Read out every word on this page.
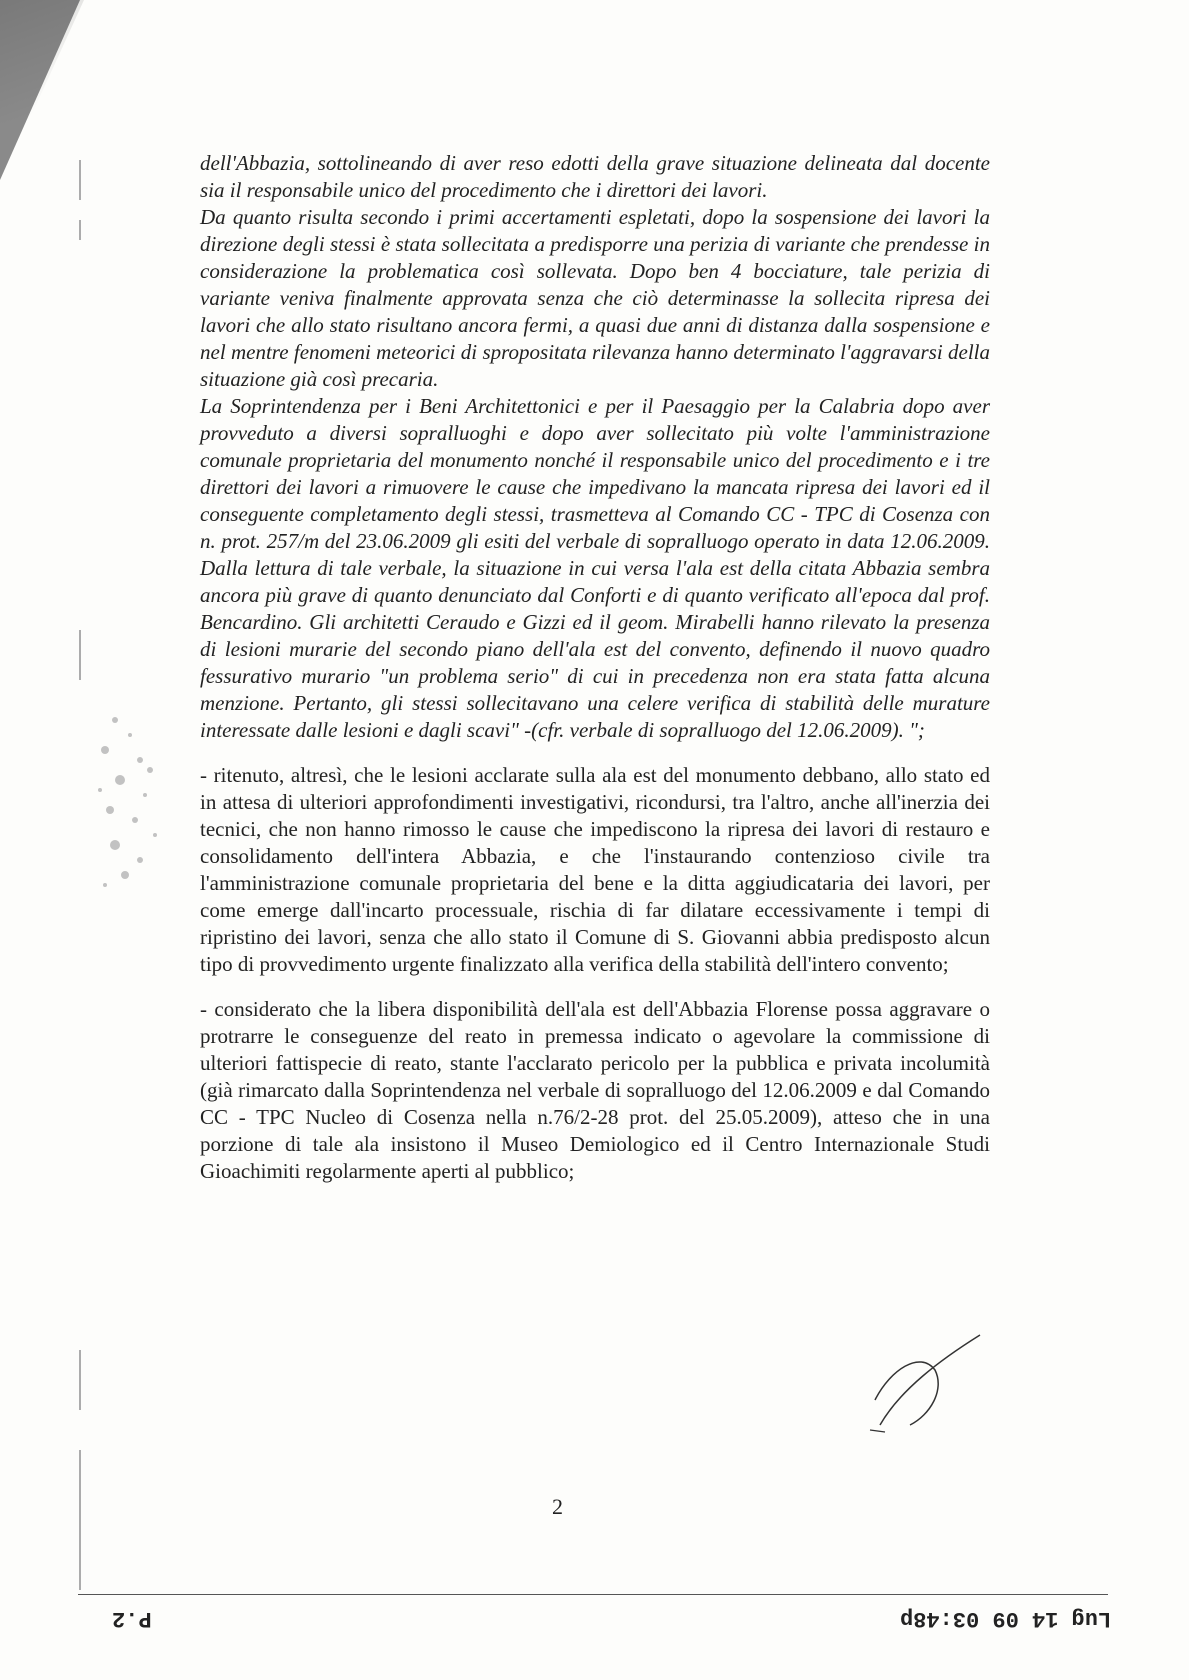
dell'Abbazia, sottolineando di aver reso edotti della grave situazione delineata dal docente sia il responsabile unico del procedimento che i direttori dei lavori.

Da quanto risulta secondo i primi accertamenti espletati, dopo la sospensione dei lavori la direzione degli stessi è stata sollecitata a predisporre una perizia di variante che prendesse in considerazione la problematica così sollevata. Dopo ben 4 bocciature, tale perizia di variante veniva finalmente approvata senza che ciò determinasse la sollecita ripresa dei lavori che allo stato risultano ancora fermi, a quasi due anni di distanza dalla sospensione e nel mentre fenomeni meteorici di spropositata rilevanza hanno determinato l'aggravarsi della situazione già così precaria.

La Soprintendenza per i Beni Architettonici e per il Paesaggio per la Calabria dopo aver provveduto a diversi sopralluoghi e dopo aver sollecitato più volte l'amministrazione comunale proprietaria del monumento nonché il responsabile unico del procedimento e i tre direttori dei lavori a rimuovere le cause che impedivano la mancata ripresa dei lavori ed il conseguente completamento degli stessi, trasmetteva al Comando CC - TPC di Cosenza con n. prot. 257/m del 23.06.2009 gli esiti del verbale di sopralluogo operato in data 12.06.2009. Dalla lettura di tale verbale, la situazione in cui versa l'ala est della citata Abbazia sembra ancora più grave di quanto denunciato dal Conforti e di quanto verificato all'epoca dal prof. Bencardino. Gli architetti Ceraudo e Gizzi ed il geom. Mirabelli hanno rilevato la presenza di lesioni murarie del secondo piano dell'ala est del convento, definendo il nuovo quadro fessurativo murario "un problema serio" di cui in precedenza non era stata fatta alcuna menzione. Pertanto, gli stessi sollecitavano una celere verifica di stabilità delle murature interessate dalle lesioni e dagli scavi" -(cfr. verbale di sopralluogo del 12.06.2009). ";

- ritenuto, altresì, che le lesioni acclarate sulla ala est del monumento debbano, allo stato ed in attesa di ulteriori approfondimenti investigativi, ricondursi, tra l'altro, anche all'inerzia dei tecnici, che non hanno rimosso le cause che impediscono la ripresa dei lavori di restauro e consolidamento dell'intera Abbazia, e che l'instaurando contenzioso civile tra l'amministrazione comunale proprietaria del bene e la ditta aggiudicataria dei lavori, per come emerge dall'incarto processuale, rischia di far dilatare eccessivamente i tempi di ripristino dei lavori, senza che allo stato il Comune di S. Giovanni abbia predisposto alcun tipo di provvedimento urgente finalizzato alla verifica della stabilità dell'intero convento;

- considerato che la libera disponibilità dell'ala est dell'Abbazia Florense possa aggravare o protrarre le conseguenze del reato in premessa indicato o agevolare la commissione di ulteriori fattispecie di reato, stante l'acclarato pericolo per la pubblica e privata incolumità (già rimarcato dalla Soprintendenza nel verbale di sopralluogo del 12.06.2009 e dal Comando CC - TPC Nucleo di Cosenza nella n.76/2-28 prot. del 25.05.2009), atteso che in una porzione di tale ala insistono il Museo Demiologico ed il Centro Internazionale Studi Gioachimiti regolarmente aperti al pubblico;

2
P.2	Lug 14 09 03:48p
